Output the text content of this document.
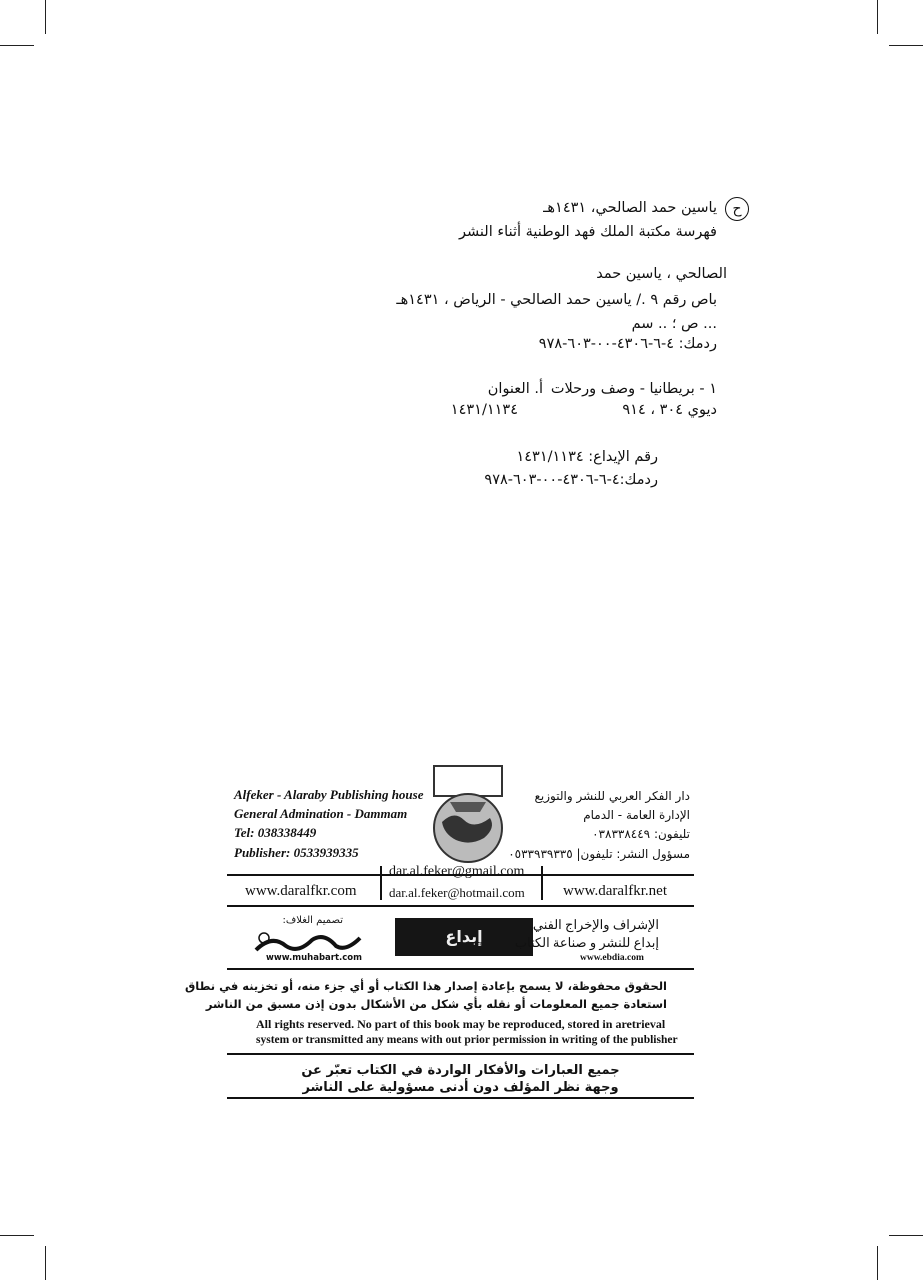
ح
ياسين حمد الصالحي، ١٤٣١هـ
فهرسة مكتبة الملك فهد الوطنية أثناء النشر
الصالحي ، ياسين حمد
باص رقم ٩ ./ ياسين حمد الصالحي - الرياض ، ١٤٣١هـ
... ص ؛ .. سم
ردمك: ٤-٦-٤٣٠٦-٠٠-٦٠٣-٩٧٨
١ - بريطانيا - وصف ورحلات
أ. العنوان
ديوي ٣٠٤ ، ٩١٤
١٤٣١/١١٣٤
رقم الإيداع: ١٤٣١/١١٣٤
ردمك:٤-٦-٤٣٠٦-٠٠-٦٠٣-٩٧٨
Alfeker - Alaraby Publishing house
General Admination - Dammam
Tel: 038338449
Publisher: 0533939335
دار الفكر العربي للنشر والتوزيع
الإدارة العامة - الدمام
تليفون: ٠٣٨٣٣٨٤٤٩
مسؤول النشر: تليفون| ٠٥٣٣٩٣٩٣٣٥
dar.al.feker@gmail.com
dar.al.feker@hotmail.com
www.daralfkr.com	www.daralfkr.net
تصميم الغلاف:
www.muhabart.com
إبداع
الإشراف والإخراج الفني
إبداع للنشر و صناعة الكتاب
www.ebdia.com
الحقوق محفوظة، لا يسمح بإعادة إصدار هذا الكتاب أو أي جزء منه، أو تخزينه في نطاق
استعادة جميع المعلومات أو نقله بأي شكل من الأشكال بدون إذن مسبق من الناشر
All rights reserved. No part of this book may be reproduced, stored in aretrieval
system or transmitted any means with out prior permission in writing of the publisher
جميع العبارات والأفكار الواردة في الكتاب تعبّر عن
وجهة نظر المؤلف دون أدنى مسؤولية على الناشر
